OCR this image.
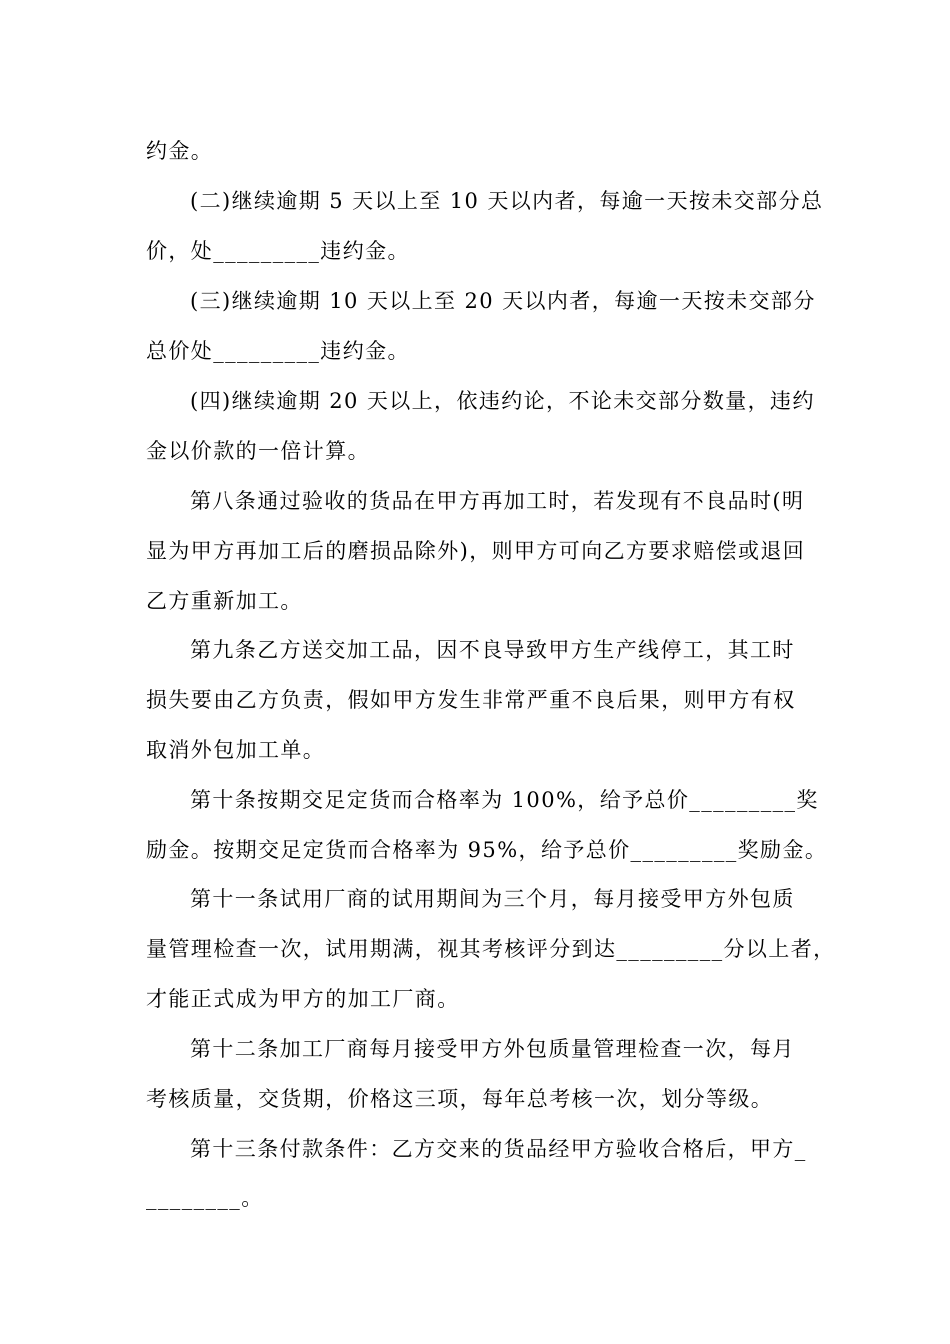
约金。
(二)继续逾期 5 天以上至 10 天以内者，每逾一天按未交部分总
价，处_________违约金。
(三)继续逾期 10 天以上至 20 天以内者，每逾一天按未交部分
总价处_________违约金。
(四)继续逾期 20 天以上，依违约论，不论未交部分数量，违约
金以价款的一倍计算。
第八条通过验收的货品在甲方再加工时，若发现有不良品时(明
显为甲方再加工后的磨损品除外)，则甲方可向乙方要求赔偿或退回
乙方重新加工。
第九条乙方送交加工品，因不良导致甲方生产线停工，其工时
损失要由乙方负责，假如甲方发生非常严重不良后果，则甲方有权
取消外包加工单。
第十条按期交足定货而合格率为 100%，给予总价_________奖
励金。按期交足定货而合格率为 95%，给予总价_________奖励金。
第十一条试用厂商的试用期间为三个月，每月接受甲方外包质
量管理检查一次，试用期满，视其考核评分到达_________分以上者，
才能正式成为甲方的加工厂商。
第十二条加工厂商每月接受甲方外包质量管理检查一次，每月
考核质量，交货期，价格这三项，每年总考核一次，划分等级。
第十三条付款条件：乙方交来的货品经甲方验收合格后，甲方_
________。
